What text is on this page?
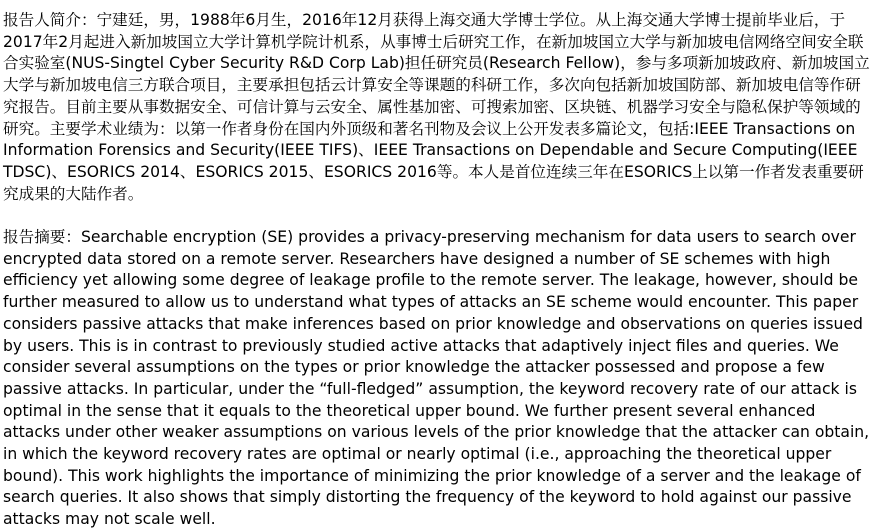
报告人简介：宁建廷，男，1988年6月生，2016年12月获得上海交通大学博士学位。从上海交通大学博士提前毕业后，于2017年2月起进入新加坡国立大学计算机学院计机系，从事博士后研究工作，在新加坡国立大学与新加坡电信网络空间安全联合实验室(NUS-Singtel Cyber Security R&D Corp Lab)担任研究员(Research Fellow)，参与多项新加坡政府、新加坡国立大学与新加坡电信三方联合项目，主要承担包括云计算安全等课题的科研工作，多次向包括新加坡国防部、新加坡电信等作研究报告。目前主要从事数据安全、可信计算与云安全、属性基加密、可搜索加密、区块链、机器学习安全与隐私保护等领域的研究。主要学术业绩为：以第一作者身份在国内外顶级和著名刊物及会议上公开发表多篇论文，包括:IEEE Transactions on Information Forensics and Security(IEEE TIFS)、IEEE Transactions on Dependable and Secure Computing(IEEE TDSC)、ESORICS 2014、ESORICS 2015、ESORICS 2016等。本人是首位连续三年在ESORICS上以第一作者发表重要研究成果的大陆作者。

报告摘要：Searchable encryption (SE) provides a privacy-preserving mechanism for data users to search over encrypted data stored on a remote server. Researchers have designed a number of SE schemes with high efficiency yet allowing some degree of leakage profile to the remote server. The leakage, however, should be further measured to allow us to understand what types of attacks an SE scheme would encounter. This paper considers passive attacks that make inferences based on prior knowledge and observations on queries issued by users. This is in contrast to previously studied active attacks that adaptively inject files and queries. We consider several assumptions on the types or prior knowledge the attacker possessed and propose a few passive attacks. In particular, under the “full-fledged” assumption, the keyword recovery rate of our attack is optimal in the sense that it equals to the theoretical upper bound. We further present several enhanced attacks under other weaker assumptions on various levels of the prior knowledge that the attacker can obtain, in which the keyword recovery rates are optimal or nearly optimal (i.e., approaching the theoretical upper bound). This work highlights the importance of minimizing the prior knowledge of a server and the leakage of search queries. It also shows that simply distorting the frequency of the keyword to hold against our passive attacks may not scale well.
